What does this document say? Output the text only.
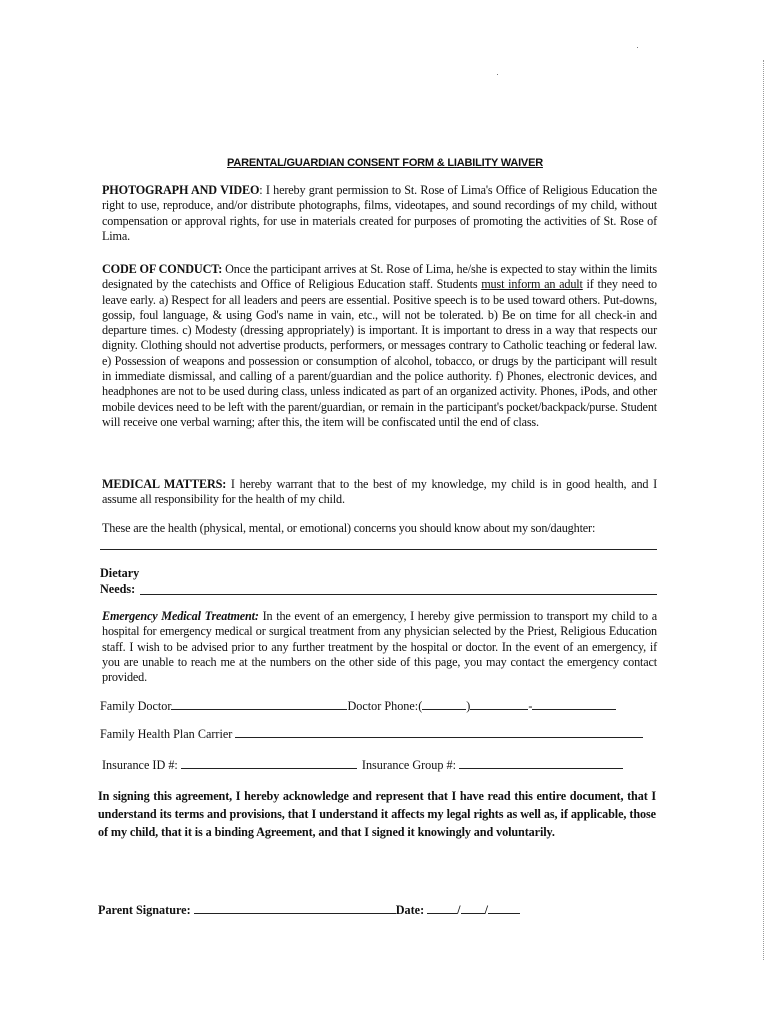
PARENTAL/GUARDIAN CONSENT FORM & LIABILITY WAIVER
PHOTOGRAPH AND VIDEO: I hereby grant permission to St. Rose of Lima's Office of Religious Education the right to use, reproduce, and/or distribute photographs, films, videotapes, and sound recordings of my child, without compensation or approval rights, for use in materials created for purposes of promoting the activities of St. Rose of Lima.
CODE OF CONDUCT: Once the participant arrives at St. Rose of Lima, he/she is expected to stay within the limits designated by the catechists and Office of Religious Education staff. Students must inform an adult if they need to leave early. a) Respect for all leaders and peers are essential. Positive speech is to be used toward others. Put-downs, gossip, foul language, & using God's name in vain, etc., will not be tolerated. b) Be on time for all check-in and departure times. c) Modesty (dressing appropriately) is important. It is important to dress in a way that respects our dignity. Clothing should not advertise products, performers, or messages contrary to Catholic teaching or federal law. e) Possession of weapons and possession or consumption of alcohol, tobacco, or drugs by the participant will result in immediate dismissal, and calling of a parent/guardian and the police authority. f) Phones, electronic devices, and headphones are not to be used during class, unless indicated as part of an organized activity. Phones, iPods, and other mobile devices need to be left with the parent/guardian, or remain in the participant's pocket/backpack/purse. Student will receive one verbal warning; after this, the item will be confiscated until the end of class.
MEDICAL MATTERS: I hereby warrant that to the best of my knowledge, my child is in good health, and I assume all responsibility for the health of my child.
These are the health (physical, mental, or emotional) concerns you should know about my son/daughter:
Dietary
Needs:
Emergency Medical Treatment: In the event of an emergency, I hereby give permission to transport my child to a hospital for emergency medical or surgical treatment from any physician selected by the Priest, Religious Education staff. I wish to be advised prior to any further treatment by the hospital or doctor. In the event of an emergency, if you are unable to reach me at the numbers on the other side of this page, you may contact the emergency contact provided.
Family Doctor	Doctor Phone:(	)	-
Family Health Plan Carrier
Insurance ID #:	Insurance Group #:
In signing this agreement, I hereby acknowledge and represent that I have read this entire document, that I understand its terms and provisions, that I understand it affects my legal rights as well as, if applicable, those of my child, that it is a binding Agreement, and that I signed it knowingly and voluntarily.
Parent Signature:	Date:	/ /
